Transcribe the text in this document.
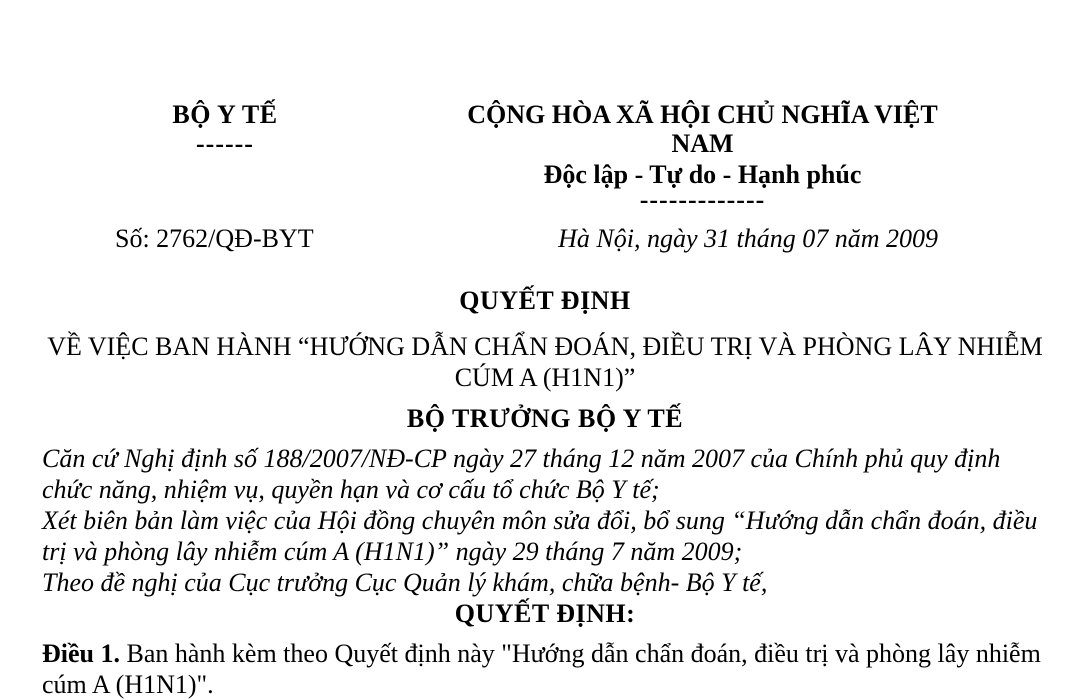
BỘ Y TẾ
------
CỘNG HÒA XÃ HỘI CHỦ NGHĨA VIỆT NAM
Độc lập - Tự do - Hạnh phúc
-------------
Số: 2762/QĐ-BYT	Hà Nội, ngày 31 tháng 07 năm 2009
QUYẾT ĐỊNH
VỀ VIỆC BAN HÀNH “HƯỚNG DẪN CHẨN ĐOÁN, ĐIỀU TRỊ VÀ PHÒNG LÂY NHIỄM CÚM A (H1N1)”
BỘ TRƯỞNG BỘ Y TẾ

Căn cứ Nghị định số 188/2007/NĐ-CP ngày 27 tháng 12 năm 2007 của Chính phủ quy định chức năng, nhiệm vụ, quyền hạn và cơ cấu tổ chức Bộ Y tế;

Xét biên bản làm việc của Hội đồng chuyên môn sửa đổi, bổ sung “Hướng dẫn chẩn đoán, điều trị và phòng lây nhiễm cúm A (H1N1)” ngày 29 tháng 7 năm 2009;

Theo đề nghị của Cục trưởng Cục Quản lý khám, chữa bệnh- Bộ Y tế,

QUYẾT ĐỊNH:

Điều 1. Ban hành kèm theo Quyết định này "Hướng dẫn chẩn đoán, điều trị và phòng lây nhiễm cúm A (H1N1)".
